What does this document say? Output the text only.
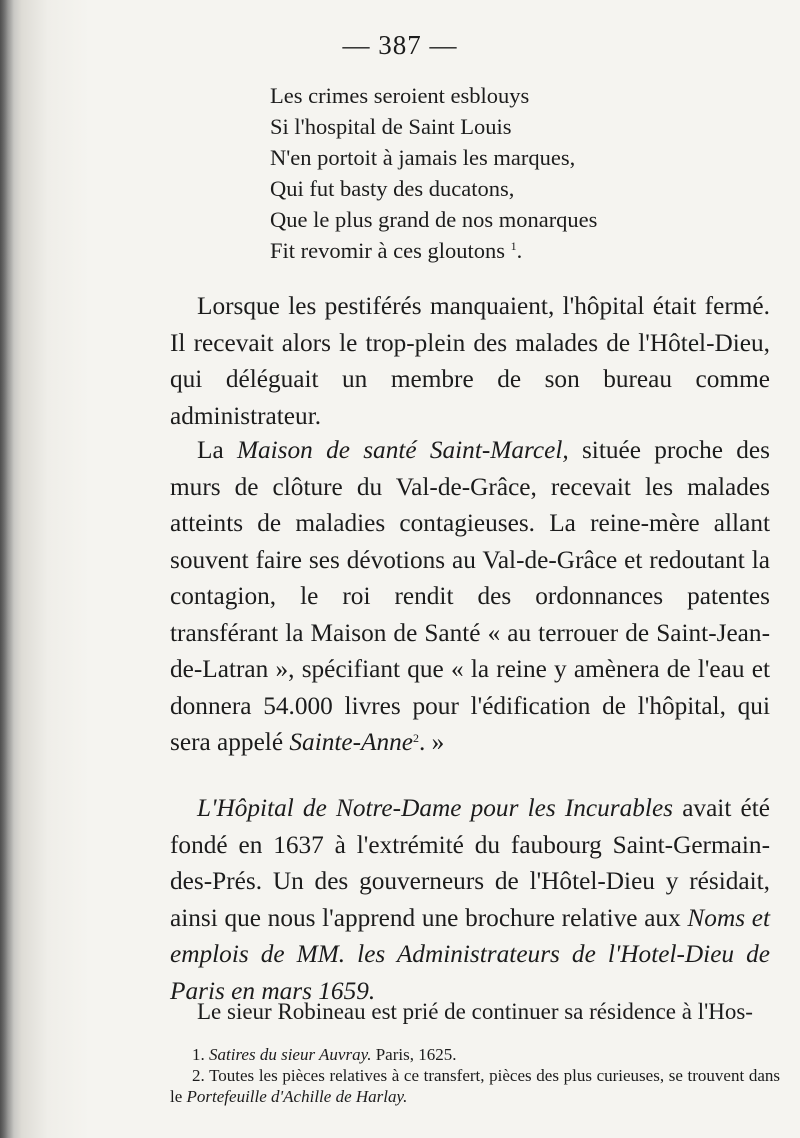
— 387 —
Les crimes seroient esblouys
Si l'hospital de Saint Louis
N'en portoit à jamais les marques,
Qui fut basty des ducatons,
Que le plus grand de nos monarques
Fit revomir à ces gloutons $^1$.

Lorsque les pestiférés manquaient, l'hôpital était fermé. Il recevait alors le trop-plein des malades de l'Hôtel-Dieu, qui déléguait un membre de son bureau comme administrateur.

La Maison de santé Saint-Marcel, située proche des murs de clôture du Val-de-Grâce, recevait les malades atteints de maladies contagieuses. La reine-mère allant souvent faire ses dévotions au Val-de-Grâce et redoutant la contagion, le roi rendit des ordonnances patentes transférant la Maison de Santé « au terrouer de Saint-Jean-de-Latran », spécifiant que « la reine y amènera de l'eau et donnera 54.000 livres pour l'édification de l'hôpital, qui sera appelé Sainte-Anne$^2$. »

L'Hôpital de Notre-Dame pour les Incurables avait été fondé en 1637 à l'extrémité du faubourg Saint-Germain-des-Prés. Un des gouverneurs de l'Hôtel-Dieu y résidait, ainsi que nous l'apprend une brochure relative aux Noms et emplois de MM. les Administrateurs de l'Hotel-Dieu de Paris en mars 1659.

Le sieur Robineau est prié de continuer sa résidence à l'Hos-

1. Satires du sieur Auvray. Paris, 1625.
2. Toutes les pièces relatives à ce transfert, pièces des plus curieuses, se trouvent dans le Portefeuille d'Achille de Harlay.
